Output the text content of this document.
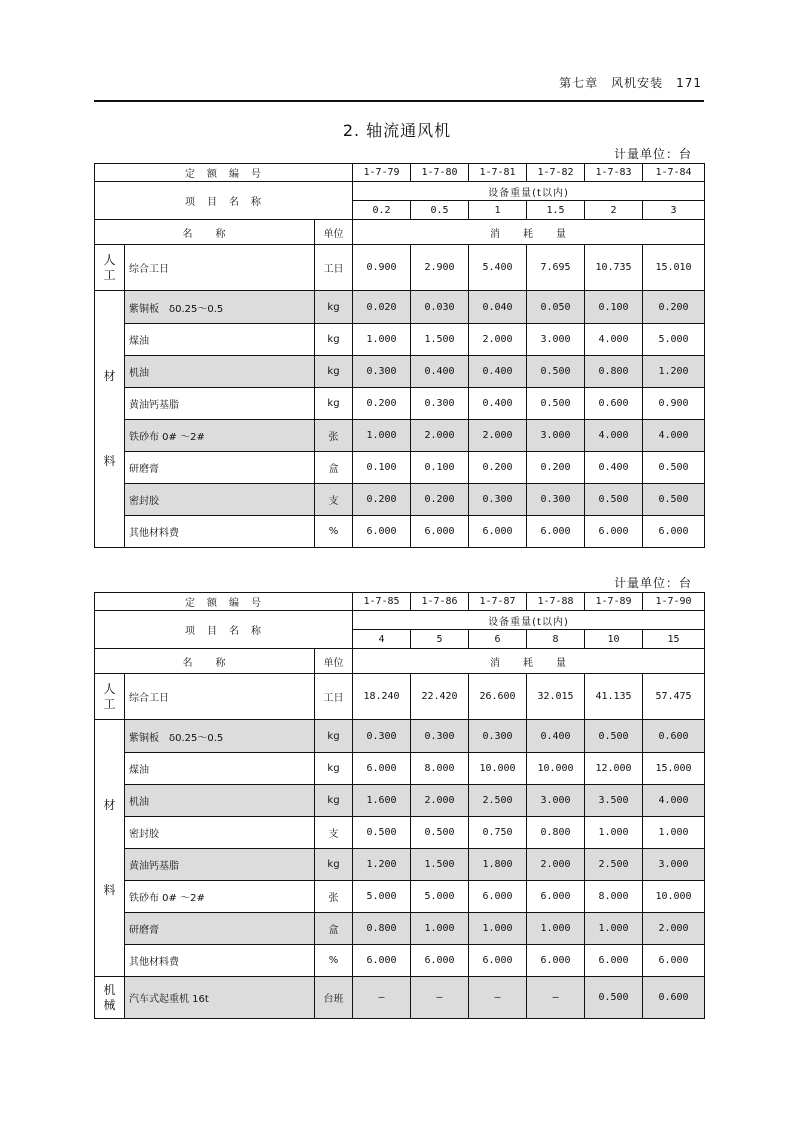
第七章　风机安装　171
2. 轴流通风机
计量单位：台
定　额　编　号			1-7-79	1-7-80	1-7-81	1-7-82	1-7-83	1-7-84
项　目　名　称			设备重量(t以内)					
			0.2	0.5	1	1.5	2	3
名　　称		单位	消　　耗　　量					
人工	综合工日	工日	0.900	2.900	5.400	7.695	10.735	15.010

材
料	紫铜板　δ0.25～0.5	kg	0.020	0.030	0.040	0.050	0.100	0.200
	煤油	kg	1.000	1.500	2.000	3.000	4.000	5.000
	机油	kg	0.300	0.400	0.400	0.500	0.800	1.200
	黄油钙基脂	kg	0.200	0.300	0.400	0.500	0.600	0.900
	铁砂布 0# ～2#	张	1.000	2.000	2.000	3.000	4.000	4.000
	研磨膏	盒	0.100	0.100	0.200	0.200	0.400	0.500
	密封胶	支	0.200	0.200	0.300	0.300	0.500	0.500
	其他材料费	%	6.000	6.000	6.000	6.000	6.000	6.000
计量单位：台
定　额　编　号			1-7-85	1-7-86	1-7-87	1-7-88	1-7-89	1-7-90
项　目　名　称			设备重量(t以内)					
			4	5	6	8	10	15
名　　称		单位	消　　耗　　量					
人工	综合工日	工日	18.240	22.420	26.600	32.015	41.135	57.475

材
料	紫铜板　δ0.25～0.5	kg	0.300	0.300	0.300	0.400	0.500	0.600
	煤油	kg	6.000	8.000	10.000	10.000	12.000	15.000
	机油	kg	1.600	2.000	2.500	3.000	3.500	4.000
	密封胶	支	0.500	0.500	0.750	0.800	1.000	1.000
	黄油钙基脂	kg	1.200	1.500	1.800	2.000	2.500	3.000
	铁砂布 0# ～2#	张	5.000	5.000	6.000	6.000	8.000	10.000
	研磨膏	盒	0.800	1.000	1.000	1.000	1.000	2.000
	其他材料费	%	6.000	6.000	6.000	6.000	6.000	6.000
机械	汽车式起重机 16t	台班	—	—	—	—	0.500	0.600
